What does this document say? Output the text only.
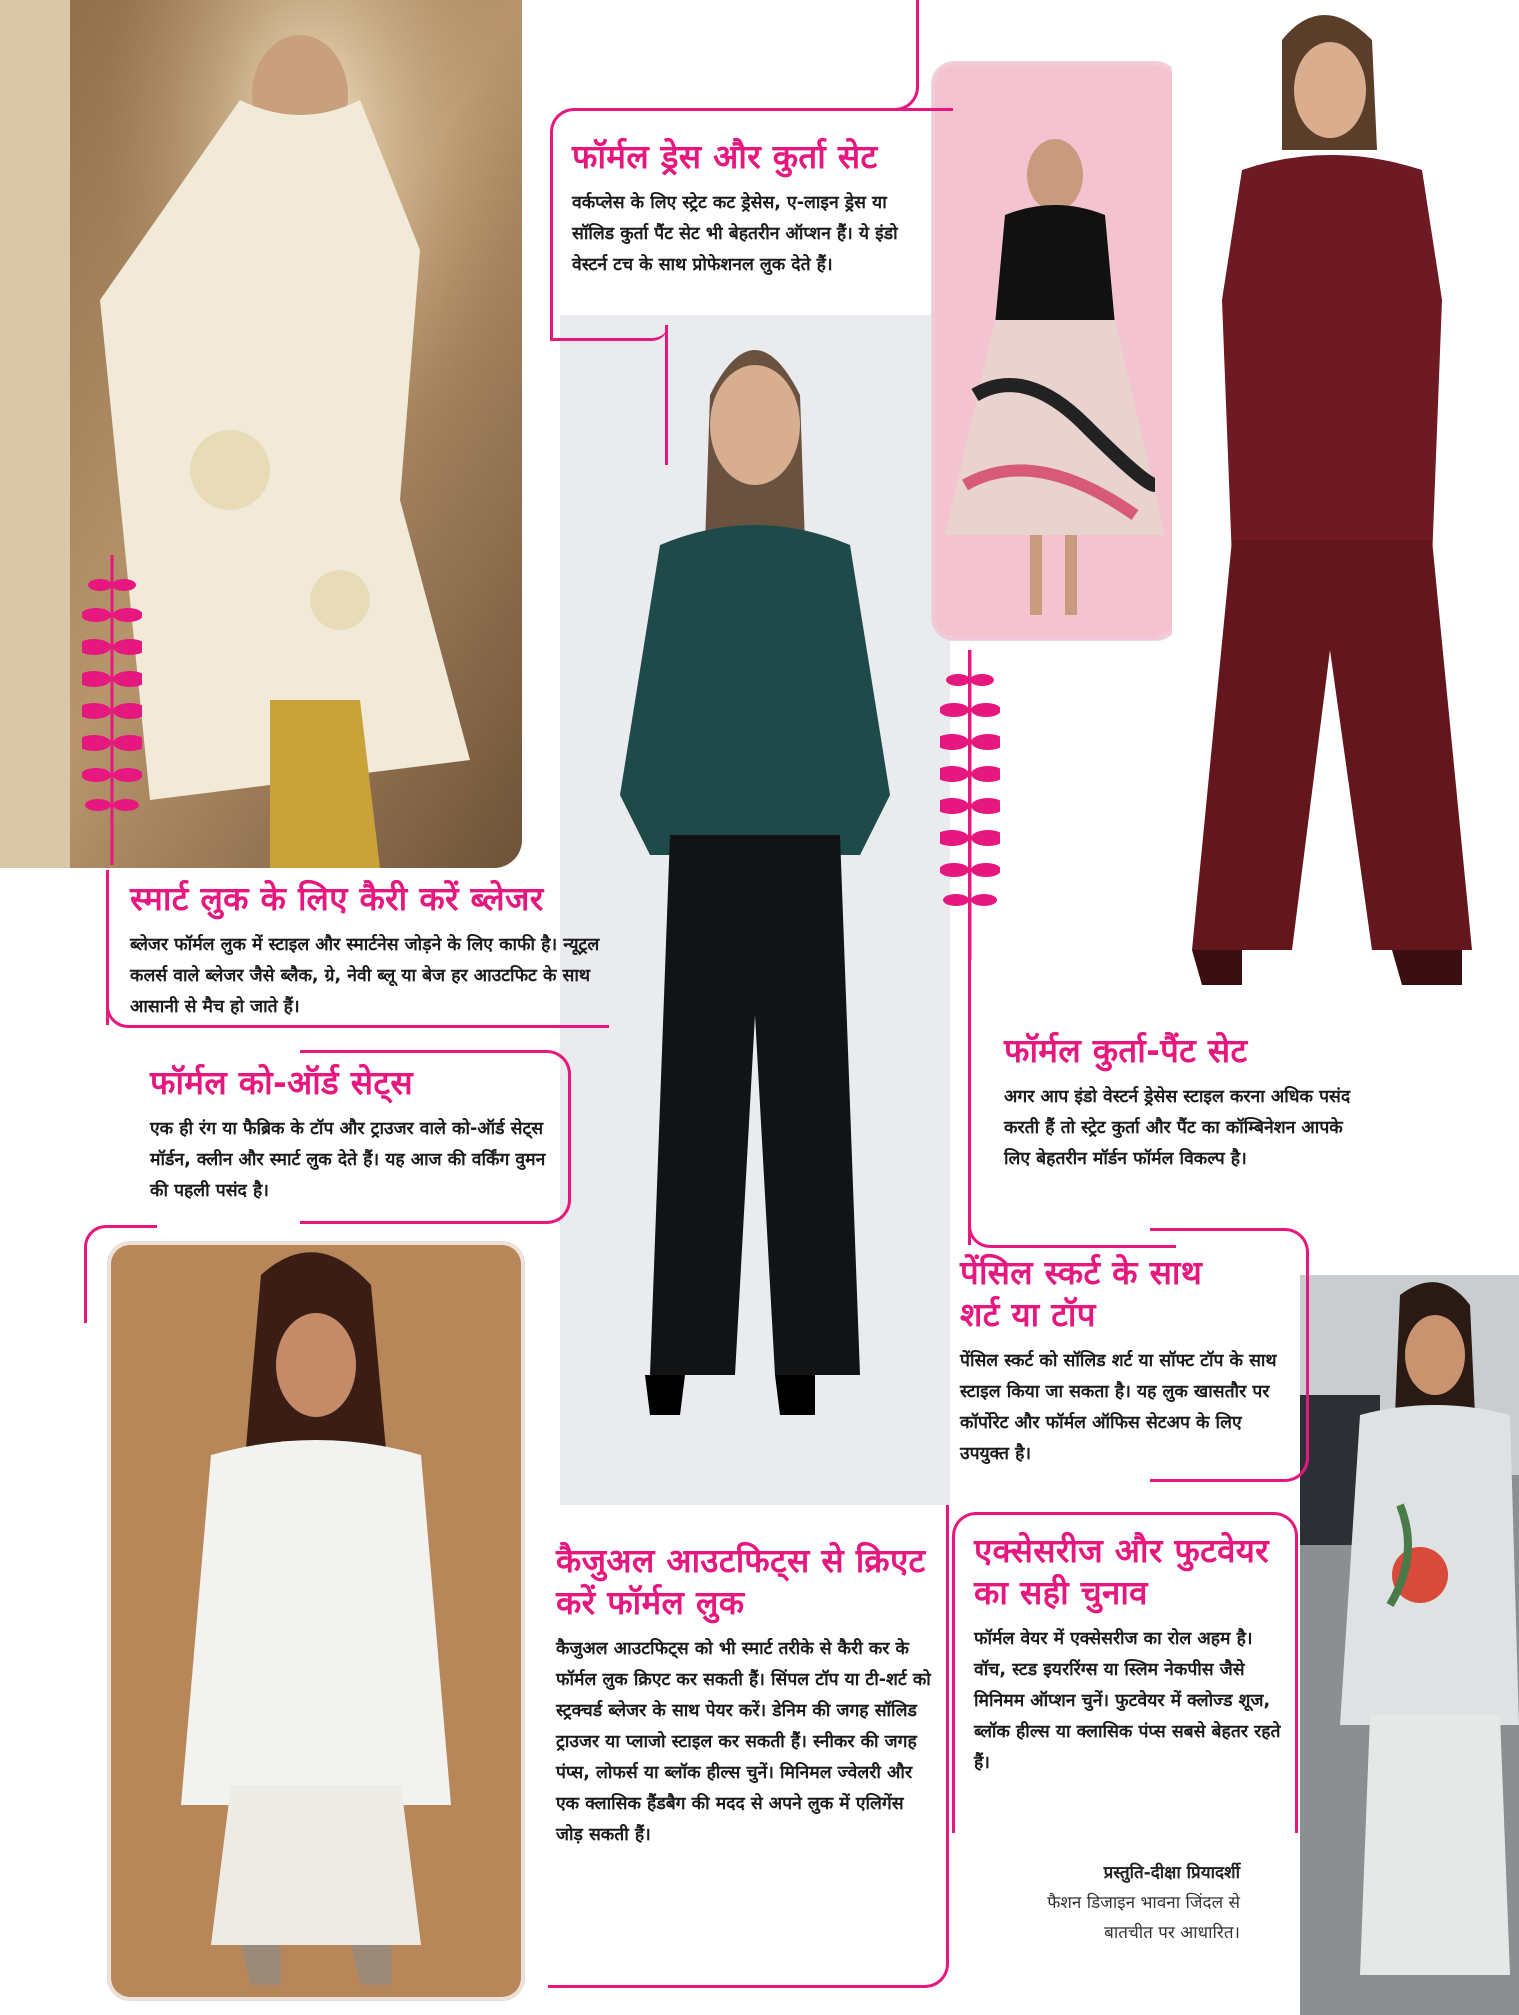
फॉर्मल ड्रेस और कुर्ता सेट

वर्कप्लेस के लिए स्ट्रेट कट ड्रेसेस, ए-लाइन ड्रेस या सॉलिड कुर्ता पैंट सेट भी बेहतरीन ऑप्शन हैं। ये इंडो वेस्टर्न टच के साथ प्रोफेशनल लुक देते हैं।

स्मार्ट लुक के लिए कैरी करें ब्लेजर

ब्लेजर फॉर्मल लुक में स्टाइल और स्मार्टनेस जोड़ने के लिए काफी है। न्यूट्रल कलर्स वाले ब्लेजर जैसे ब्लैक, ग्रे, नेवी ब्लू या बेज हर आउटफिट के साथ आसानी से मैच हो जाते हैं।

फॉर्मल को-ऑर्ड सेट्स

एक ही रंग या फैब्रिक के टॉप और ट्राउजर वाले को-ऑर्ड सेट्स मॉर्डन, क्लीन और स्मार्ट लुक देते हैं। यह आज की वर्किंग वुमन की पहली पसंद है।

फॉर्मल कुर्ता-पैंट सेट

अगर आप इंडो वेस्टर्न ड्रेसेस स्टाइल करना अधिक पसंद करती हैं तो स्ट्रेट कुर्ता और पैंट का कॉम्बिनेशन आपके लिए बेहतरीन मॉर्डन फॉर्मल विकल्प है।

पेंसिल स्कर्ट के साथ शर्ट या टॉप

पेंसिल स्कर्ट को सॉलिड शर्ट या सॉफ्ट टॉप के साथ स्टाइल किया जा सकता है। यह लुक खासतौर पर कॉर्पोरेट और फॉर्मल ऑफिस सेटअप के लिए उपयुक्त है।

कैजुअल आउटफिट्स से क्रिएट करें फॉर्मल लुक

कैजुअल आउटफिट्स को भी स्मार्ट तरीके से कैरी कर के फॉर्मल लुक क्रिएट कर सकती हैं। सिंपल टॉप या टी-शर्ट को स्ट्रक्चर्ड ब्लेजर के साथ पेयर करें। डेनिम की जगह सॉलिड ट्राउजर या प्लाजो स्टाइल कर सकती हैं। स्नीकर की जगह पंप्स, लोफर्स या ब्लॉक हील्स चुनें। मिनिमल ज्वेलरी और एक क्लासिक हैंडबैग की मदद से अपने लुक में एलिगेंस जोड़ सकती हैं।

एक्सेसरीज और फुटवेयर का सही चुनाव

फॉर्मल वेयर में एक्सेसरीज का रोल अहम है। वॉच, स्टड इयररिंग्स या स्लिम नेकपीस जैसे मिनिमम ऑप्शन चुनें। फुटवेयर में क्लोज्ड शूज, ब्लॉक हील्स या क्लासिक पंप्स सबसे बेहतर रहते हैं।

प्रस्तुति-दीक्षा प्रियादर्शी
फैशन डिजाइन भावना जिंदल से
बातचीत पर आधारित।
